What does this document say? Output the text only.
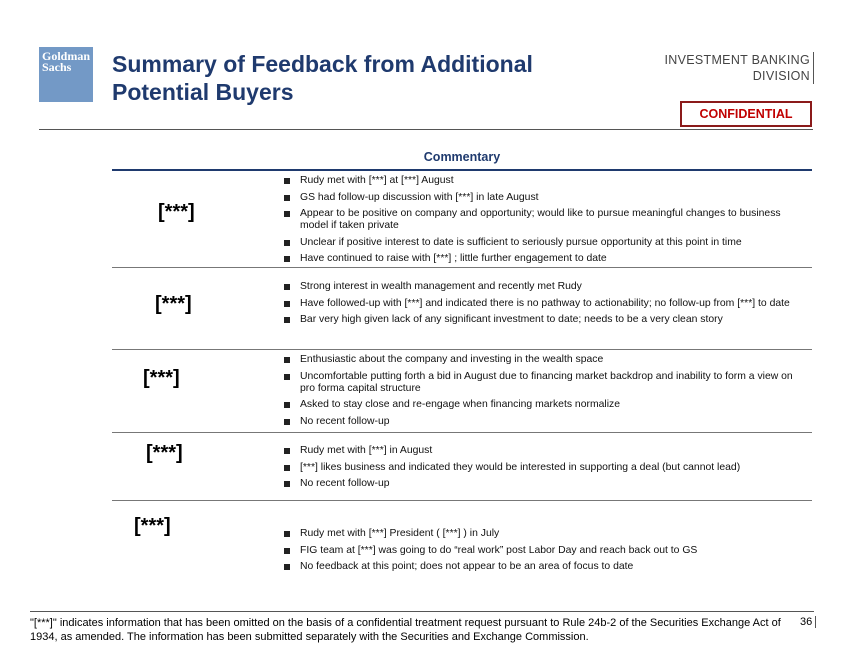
Goldman
Sachs	Summary of Feedback from Additional
Potential Buyers
INVESTMENT BANKING
DIVISION
CONFIDENTIAL
Commentary
[***]
Rudy met with [***] at [***] August
GS had follow-up discussion with [***] in late August
Appear to be positive on company and opportunity; would like to pursue meaningful changes to business model if taken private
Unclear if positive interest to date is sufficient to seriously pursue opportunity at this point in time
Have continued to raise with [***] ; little further engagement to date
[***]
Strong interest in wealth management and recently met Rudy
Have followed-up with [***] and indicated there is no pathway to actionability; no follow-up from [***] to date
Bar very high given lack of any significant investment to date; needs to be a very clean story
[***]
Enthusiastic about the company and investing in the wealth space
Uncomfortable putting forth a bid in August due to financing market backdrop and inability to form a view on pro forma capital structure
Asked to stay close and re-engage when financing markets normalize
No recent follow-up
[***]	Rudy met with [***] in August
[***] likes business and indicated they would be interested in supporting a deal (but cannot lead)
No recent follow-up
[***]	Rudy met with [***] President ( [***] ) in July
FIG team at [***] was going to do “real work” post Labor Day and reach back out to GS
No feedback at this point; does not appear to be an area of focus to date
"[***]" indicates information that has been omitted on the basis of a confidential treatment request pursuant to Rule 24b-2 of the Securities Exchange Act of 1934, as amended. The information has been submitted separately with the Securities and Exchange Commission.
36
